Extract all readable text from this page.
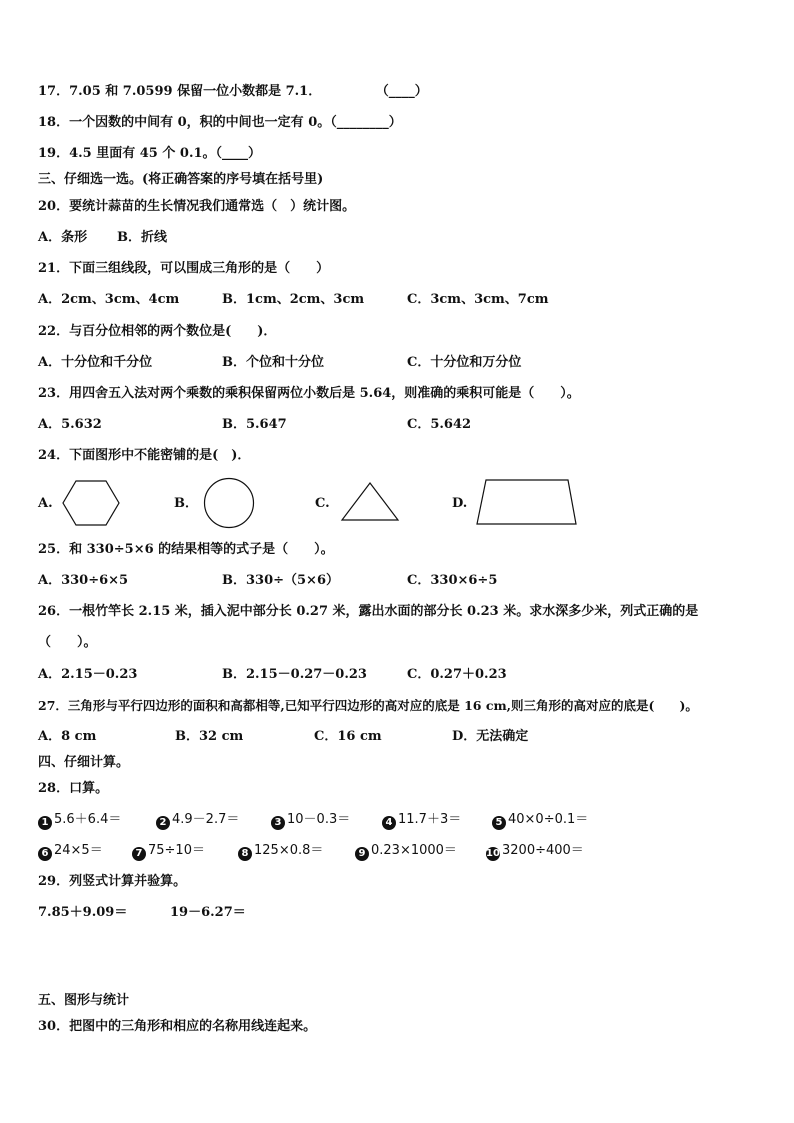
17．7.05 和 7.0599 保留一位小数都是 7.1．	（____）
18．一个因数的中间有 0，积的中间也一定有 0。（________）
19．4.5 里面有 45 个 0.1。（____）
三、仔细选一选。(将正确答案的序号填在括号里)
20．要统计蒜苗的生长情况我们通常选（　）统计图。
A．条形 B．折线
21．下面三组线段，可以围成三角形的是（　　）
A．2cm、3cm、4cm	B．1cm、2cm、3cm	C．3cm、3cm、7cm
22．与百分位相邻的两个数位是(　　)．
A．十分位和千分位	B．个位和十分位	C．十分位和万分位
23．用四舍五入法对两个乘数的乘积保留两位小数后是 5.64，则准确的乘积可能是（　　）。
A．5.632	B．5.647	C．5.642
24．下面图形中不能密铺的是(　)．
A.	B．	C.	D.
25．和 330÷5×6 的结果相等的式子是（　　）。
A．330÷6×5	B．330÷（5×6）	C．330×6÷5
26．一根竹竿长 2.15 米，插入泥中部分长 0.27 米，露出水面的部分长 0.23 米。求水深多少米，列式正确的是
（　　）。
A．2.15－0.23	B．2.15－0.27－0.23	C．0.27＋0.23
27．三角形与平行四边形的面积和高都相等,已知平行四边形的高对应的底是 16 cm,则三角形的高对应的底是(　　)。
A．8 cm	B．32 cm	C．16 cm	D．无法确定
四、仔细计算。
28．口算。
1 5.6＋6.4＝	2 4.9－2.7＝	3 10－0.3＝	4 11.7＋3＝	5 40×0÷0.1＝
6 24×5＝	7 75÷10＝	8 125×0.8＝	9 0.23×1000＝	10 3200÷400＝
29．列竖式计算并验算。
7.85＋9.09＝	19－6.27＝
五、图形与统计
30．把图中的三角形和相应的名称用线连起来。
